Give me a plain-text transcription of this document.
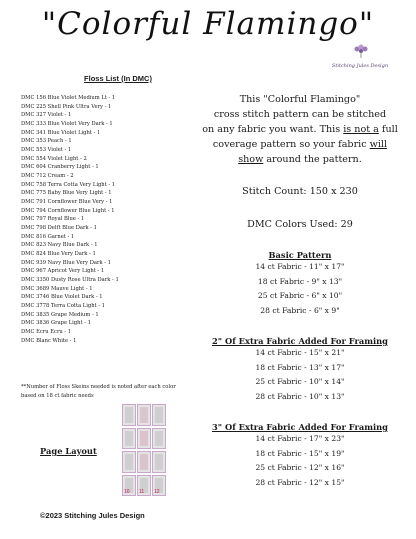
"Colorful Flamingo"
Stitching Jules Design
Floss List (In DMC)
DMC 156 Blue Violet Medium Lt - 1
DMC 225 Shell Pink Ultra Very - 1
DMC 327 Violet - 1
DMC 333 Blue Violet Very Dark - 1
DMC 341 Blue Violet Light - 1
DMC 353 Peach - 1
DMC 553 Violet - 1
DMC 554 Violet Light - 2
DMC 604 Cranberry Light - 1
DMC 712 Cream - 2
DMC 758 Terra Cotta Very Light - 1
DMC 775 Baby Blue Very Light - 1
DMC 791 Cornflower Blue Very - 1
DMC 794 Cornflower Blue Light - 1
DMC 797 Royal Blue - 1
DMC 798 Delft Blue Dark - 1
DMC 816 Garnet - 1
DMC 823 Navy Blue Dark - 1
DMC 824 Blue Very Dark - 1
DMC 939 Navy Blue Very Dark - 1
DMC 967 Apricot Very Light - 1
DMC 3350 Dusty Rose Ultra Dark - 1
DMC 3689 Mauve Light - 1
DMC 3746 Blue Violet Dark - 1
DMC 3778 Terra Cotta Light - 1
DMC 3835 Grape Medium - 1
DMC 3836 Grape Light - 1
DMC Ecru Ecru - 1
DMC Blanc White - 1
**Number of Floss Skeins needed is noted after each color
based on 18 ct fabric needs
This "Colorful Flamingo"
cross stitch pattern can be stitched
on any fabric you want. This is not a full
coverage pattern so your fabric will
show around the pattern.
Stitch Count: 150 x 230
DMC Colors Used: 29
Basic Pattern
14 ct Fabric - 11" x 17"
18 ct Fabric - 9" x 13"
25 ct Fabric - 6" x 10"
28 ct Fabric - 6" x 9"
2" Of Extra Fabric Added For Framing
14 ct Fabric - 15" x 21"
18 ct Fabric - 13" x 17"
25 ct Fabric - 10" x 14"
28 ct Fabric - 10" x 13"
3" Of Extra Fabric Added For Framing
14 ct Fabric - 17" x 23"
18 ct Fabric - 15" x 19"
25 ct Fabric - 12" x 16"
28 ct Fabric - 12" x 15"
Page Layout
10 11 12
©2023 Stitching Jules Design
